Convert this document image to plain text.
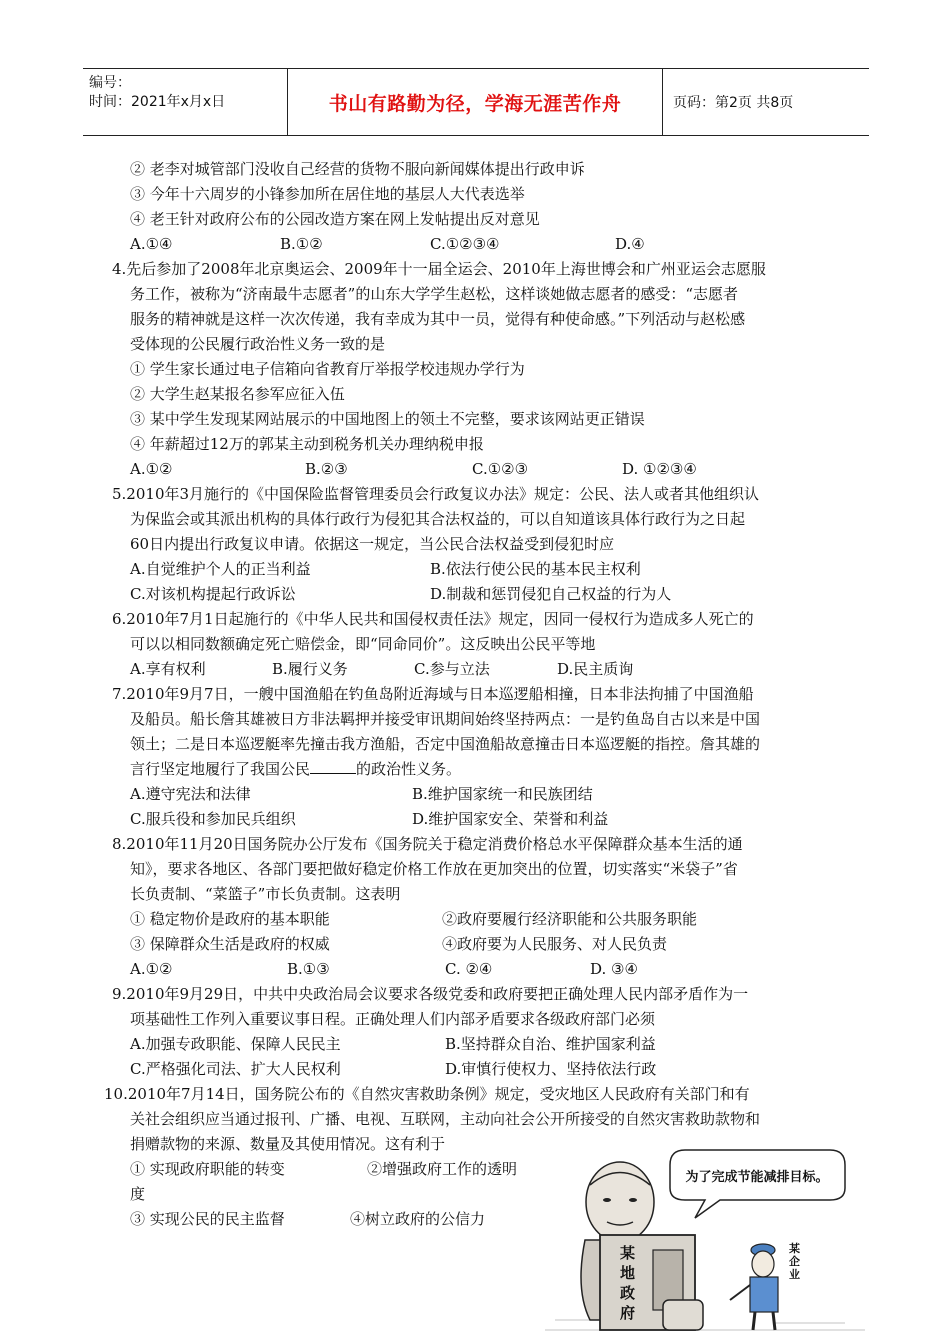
编号：
时间：2021年x月x日	书山有路勤为径，学海无涯苦作舟	页码：第2页 共8页
② 老李对城管部门没收自己经营的货物不服向新闻媒体提出行政申诉
③ 今年十六周岁的小锋参加所在居住地的基层人大代表选举
④ 老王针对政府公布的公园改造方案在网上发帖提出反对意见
A.①④	B.①②	C.①②③④	D.④
4.先后参加了2008年北京奥运会、2009年十一届全运会、2010年上海世博会和广州亚运会志愿服
务工作，被称为“济南最牛志愿者”的山东大学学生赵松，这样谈她做志愿者的感受：“志愿者
服务的精神就是这样一次次传递，我有幸成为其中一员，觉得有种使命感。”下列活动与赵松感
受体现的公民履行政治性义务一致的是
① 学生家长通过电子信箱向省教育厅举报学校违规办学行为
② 大学生赵某报名参军应征入伍
③ 某中学生发现某网站展示的中国地图上的领土不完整，要求该网站更正错误
④ 年薪超过12万的郭某主动到税务机关办理纳税申报
A.①②	B.②③	C.①②③	D. ①②③④
5.2010年3月施行的《中国保险监督管理委员会行政复议办法》规定：公民、法人或者其他组织认
为保监会或其派出机构的具体行政行为侵犯其合法权益的，可以自知道该具体行政行为之日起
60日内提出行政复议申请。依据这一规定，当公民合法权益受到侵犯时应
A.自觉维护个人的正当利益	B.依法行使公民的基本民主权利
C.对该机构提起行政诉讼	D.制裁和惩罚侵犯自己权益的行为人
6.2010年7月1日起施行的《中华人民共和国侵权责任法》规定，因同一侵权行为造成多人死亡的
可以以相同数额确定死亡赔偿金，即“同命同价”。这反映出公民平等地
A.享有权利	B.履行义务	C.参与立法	D.民主质询
7.2010年9月7日，一艘中国渔船在钓鱼岛附近海域与日本巡逻船相撞，日本非法拘捕了中国渔船
及船员。船长詹其雄被日方非法羁押并接受审讯期间始终坚持两点：一是钓鱼岛自古以来是中国
领土；二是日本巡逻艇率先撞击我方渔船，否定中国渔船故意撞击日本巡逻艇的指控。詹其雄的
言行坚定地履行了我国公民	的政治性义务。
A.遵守宪法和法律	B.维护国家统一和民族团结
C.服兵役和参加民兵组织	D.维护国家安全、荣誉和利益
8.2010年11月20日国务院办公厅发布《国务院关于稳定消费价格总水平保障群众基本生活的通
知》，要求各地区、各部门要把做好稳定价格工作放在更加突出的位置，切实落实“米袋子”省
长负责制、“菜篮子”市长负责制。这表明
① 稳定物价是政府的基本职能	②政府要履行经济职能和公共服务职能
③ 保障群众生活是政府的权威	④政府要为人民服务、对人民负责
A.①②	B.①③	C. ②④	D. ③④
9.2010年9月29日，中共中央政治局会议要求各级党委和政府要把正确处理人民内部矛盾作为一
项基础性工作列入重要议事日程。正确处理人们内部矛盾要求各级政府部门必须
A.加强专政职能、保障人民民主	B.坚持群众自治、维护国家利益
C.严格强化司法、扩大人民权利	D.审慎行使权力、坚持依法行政
10.2010年7月14日，国务院公布的《自然灾害救助条例》规定，受灾地区人民政府有关部门和有
关社会组织应当通过报刊、广播、电视、互联网，主动向社会公开所接受的自然灾害救助款物和
捐赠款物的来源、数量及其使用情况。这有利于
① 实现政府职能的转变	②增强政府工作的透明
度
③ 实现公民的民主监督	④树立政府的公信力
为了完成节能减排目标。
某 地 政 府
某 企 业
